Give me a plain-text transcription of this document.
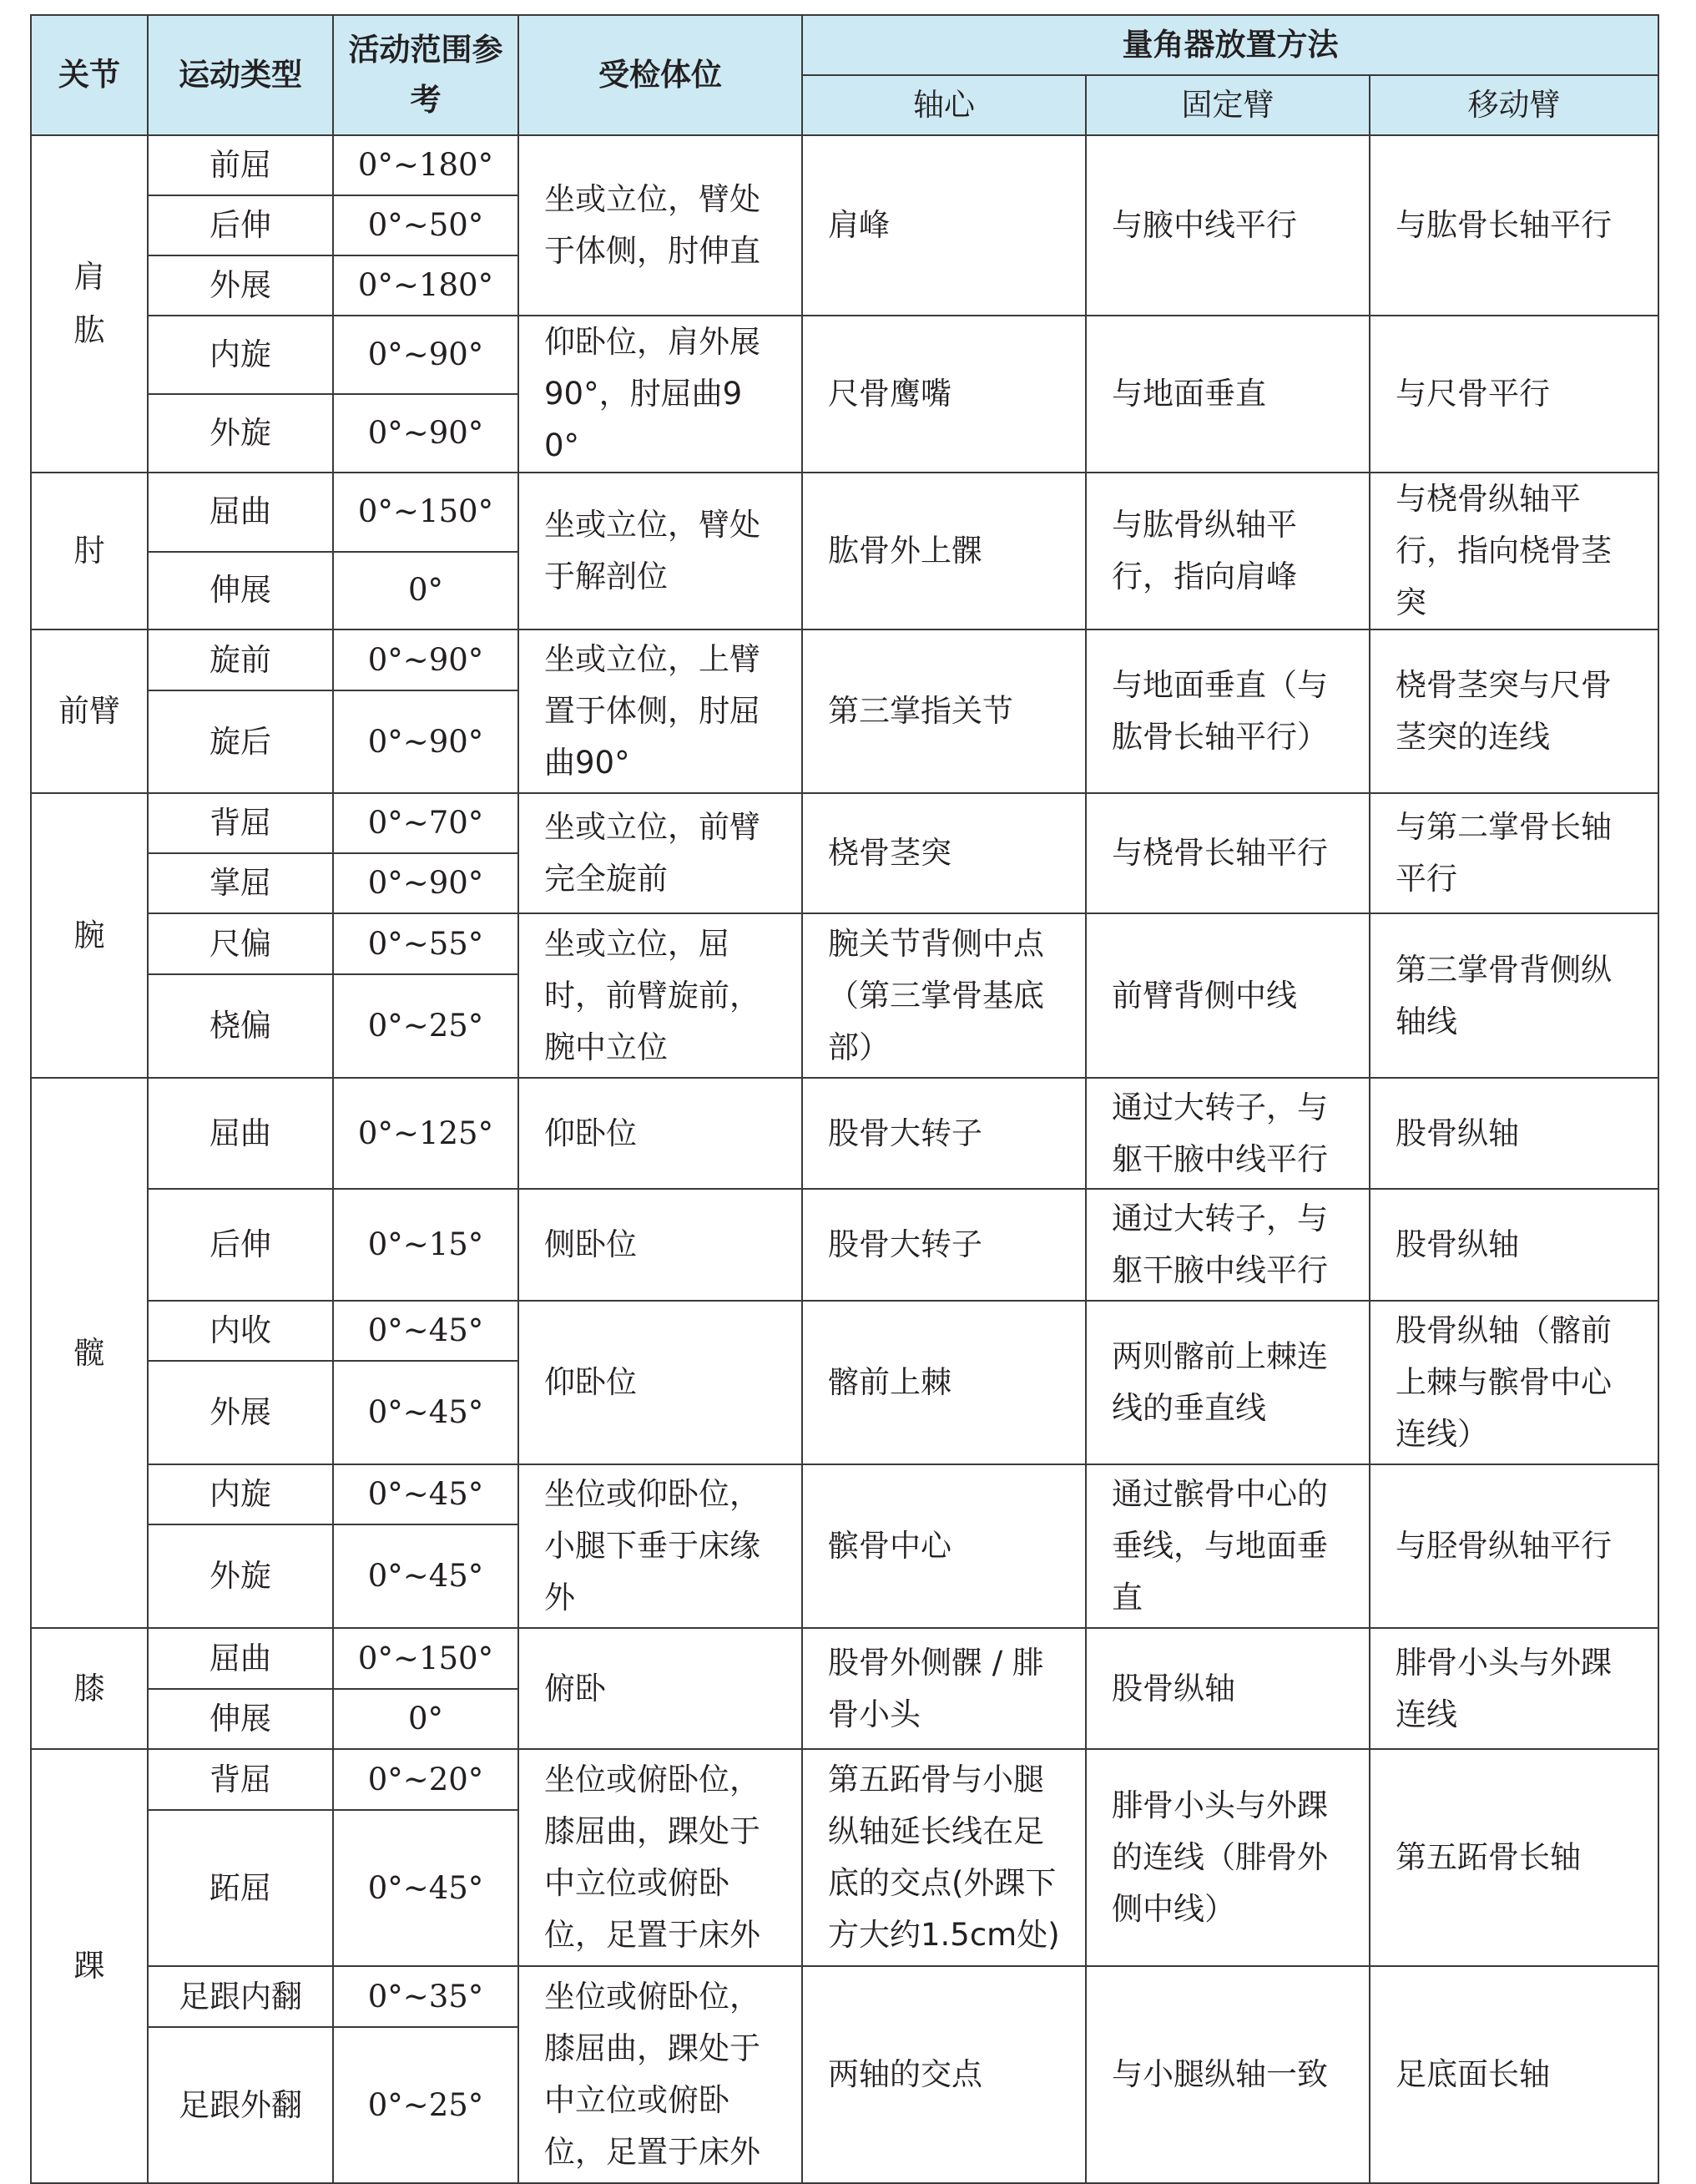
关节	运动类型	活动范围参考	受检体位	量角器放置方法		
				轴心	固定臂	移动臂
肩肱	前屈	0°~180°	坐或立位，臂处于体侧，肘伸直	肩峰	与腋中线平行	与肱骨长轴平行
	后伸	0°~50°				
	外展	0°~180°				
	内旋	0°~90°	仰卧位，肩外展90°，肘屈曲90°	尺骨鹰嘴	与地面垂直	与尺骨平行
	外旋	0°~90°				
肘	屈曲	0°~150°	坐或立位，臂处于解剖位	肱骨外上髁	与肱骨纵轴平行，指向肩峰	与桡骨纵轴平行，指向桡骨茎突
	伸展	0°				
前臂	旋前	0°~90°	坐或立位，上臂置于体侧，肘屈曲90°	第三掌指关节	与地面垂直（与肱骨长轴平行）	桡骨茎突与尺骨茎突的连线
	旋后	0°~90°				
腕	背屈	0°~70°	坐或立位，前臂完全旋前	桡骨茎突	与桡骨长轴平行	与第二掌骨长轴平行
	掌屈	0°~90°				
	尺偏	0°~55°	坐或立位，屈时，前臂旋前，腕中立位	腕关节背侧中点（第三掌骨基底部）	前臂背侧中线	第三掌骨背侧纵轴线
	桡偏	0°~25°				
髋	屈曲	0°~125°	仰卧位	股骨大转子	通过大转子，与躯干腋中线平行	股骨纵轴
	后伸	0°~15°	侧卧位	股骨大转子	通过大转子，与躯干腋中线平行	股骨纵轴
	内收	0°~45°	仰卧位	髂前上棘	两则髂前上棘连线的垂直线	股骨纵轴（髂前上棘与髌骨中心连线）
	外展	0°~45°				
	内旋	0°~45°	坐位或仰卧位，小腿下垂于床缘外	髌骨中心	通过髌骨中心的垂线，与地面垂直	与胫骨纵轴平行
	外旋	0°~45°				
膝	屈曲	0°~150°	俯卧	股骨外侧髁 / 腓骨小头	股骨纵轴	腓骨小头与外踝连线
	伸展	0°				
踝	背屈	0°~20°	坐位或俯卧位，膝屈曲，踝处于中立位或俯卧位，足置于床外	第五跖骨与小腿纵轴延长线在足底的交点(外踝下方大约1.5cm处)	腓骨小头与外踝的连线（腓骨外侧中线）	第五跖骨长轴
	跖屈	0°~45°				
	足跟内翻	0°~35°	坐位或俯卧位，膝屈曲，踝处于中立位或俯卧位，足置于床外	两轴的交点	与小腿纵轴一致	足底面长轴
	足跟外翻	0°~25°				
